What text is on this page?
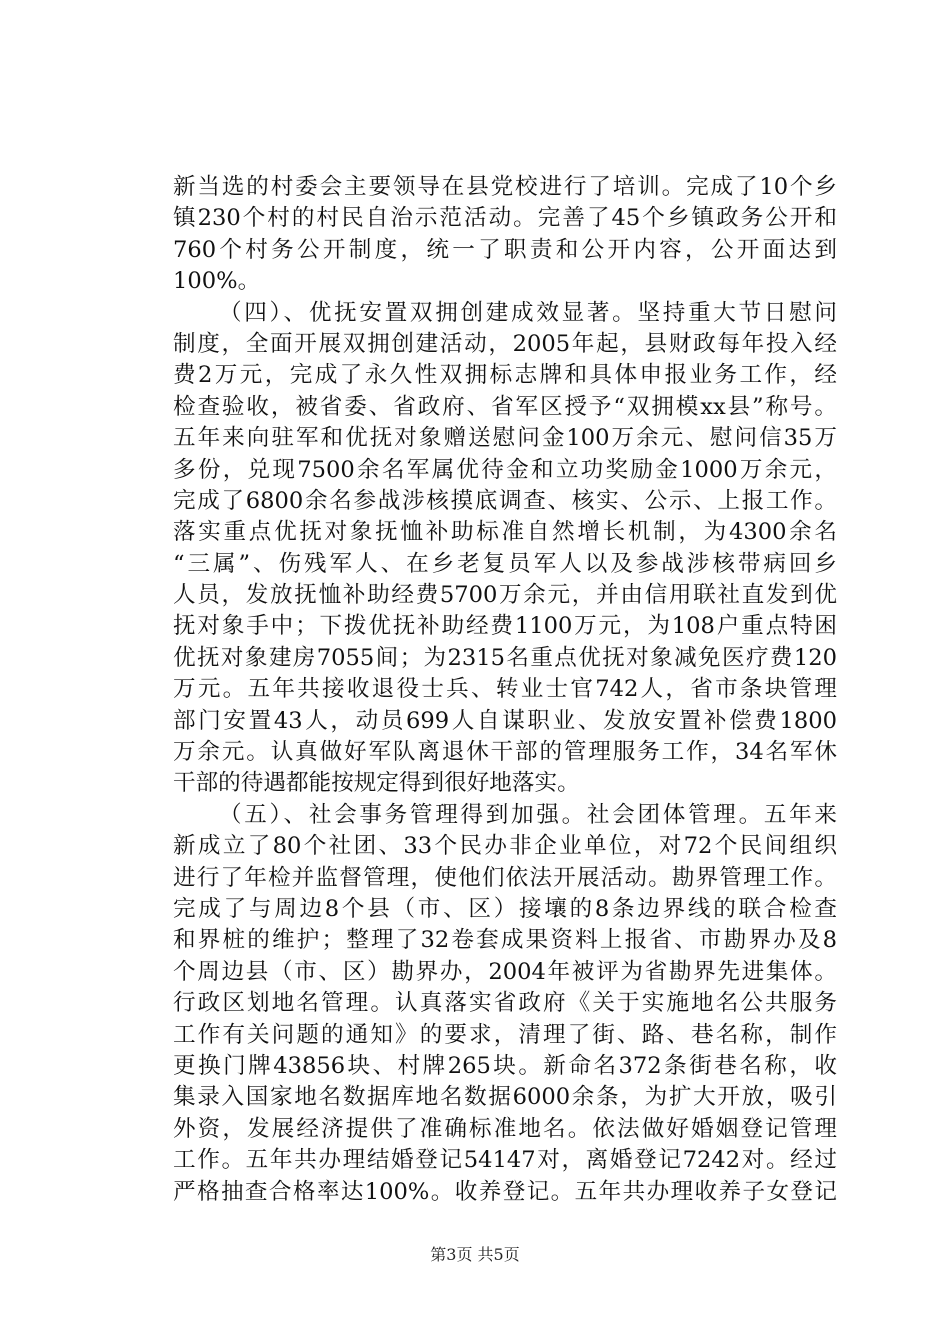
新当选的村委会主要领导在县党校进行了培训。完成了10个乡
镇230个村的村民自治示范活动。完善了45个乡镇政务公开和
760个村务公开制度，统一了职责和公开内容，公开面达到
100%。
（四）、优抚安置双拥创建成效显著。坚持重大节日慰问
制度，全面开展双拥创建活动，2005年起，县财政每年投入经
费2万元，完成了永久性双拥标志牌和具体申报业务工作，经
检查验收，被省委、省政府、省军区授予“双拥模xx县”称号。
五年来向驻军和优抚对象赠送慰问金100万余元、慰问信35万
多份，兑现7500余名军属优待金和立功奖励金1000万余元，
完成了6800余名参战涉核摸底调查、核实、公示、上报工作。
落实重点优抚对象抚恤补助标准自然增长机制，为4300余名
“三属”、伤残军人、在乡老复员军人以及参战涉核带病回乡
人员，发放抚恤补助经费5700万余元，并由信用联社直发到优
抚对象手中；下拨优抚补助经费1100万元，为108户重点特困
优抚对象建房7055间；为2315名重点优抚对象减免医疗费120
万元。五年共接收退役士兵、转业士官742人，省市条块管理
部门安置43人，动员699人自谋职业、发放安置补偿费1800
万余元。认真做好军队离退休干部的管理服务工作，34名军休
干部的待遇都能按规定得到很好地落实。
（五）、社会事务管理得到加强。社会团体管理。五年来
新成立了80个社团、33个民办非企业单位，对72个民间组织
进行了年检并监督管理，使他们依法开展活动。勘界管理工作。
完成了与周边8个县（市、区）接壤的8条边界线的联合检查
和界桩的维护；整理了32卷套成果资料上报省、市勘界办及8
个周边县（市、区）勘界办，2004年被评为省勘界先进集体。
行政区划地名管理。认真落实省政府《关于实施地名公共服务
工作有关问题的通知》的要求，清理了街、路、巷名称，制作
更换门牌43856块、村牌265块。新命名372条街巷名称，收
集录入国家地名数据库地名数据6000余条，为扩大开放，吸引
外资，发展经济提供了准确标准地名。依法做好婚姻登记管理
工作。五年共办理结婚登记54147对，离婚登记7242对。经过
严格抽查合格率达100%。收养登记。五年共办理收养子女登记
第3页 共5页
